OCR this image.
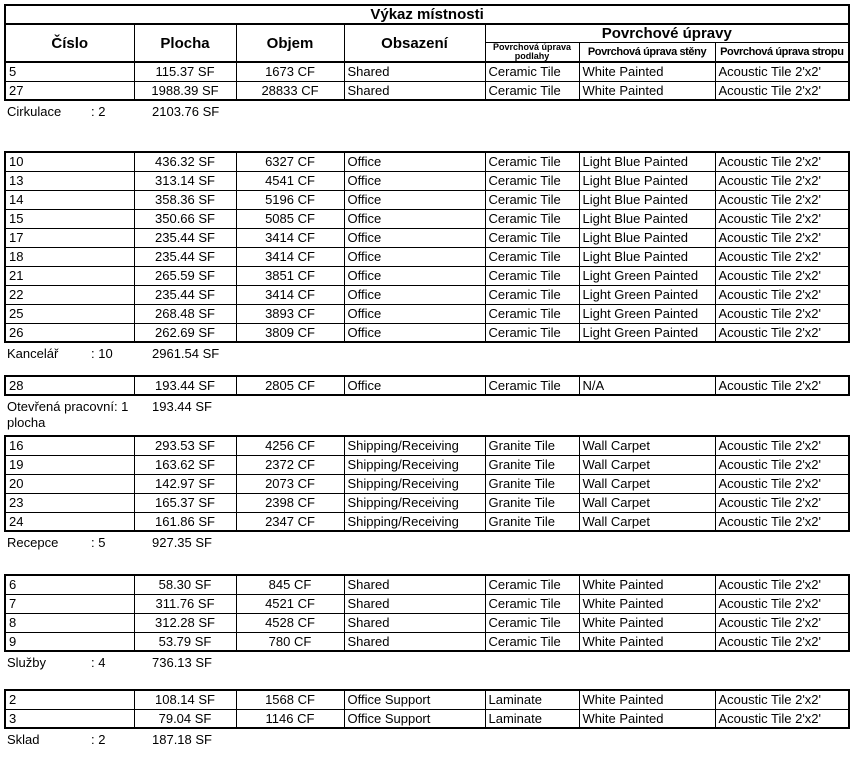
Výkaz místnosti						
Číslo	Plocha	Objem	Obsazení	Povrchové úpravy		
				Povrchová úprava podlahy	Povrchová úprava stěny	Povrchová úprava stropu
5	115.37 SF	1673 CF	Shared	Ceramic Tile	White Painted	Acoustic Tile 2'x2'
27	1988.39 SF	28833 CF	Shared	Ceramic Tile	White Painted	Acoustic Tile 2'x2'
Cirkulace : 2	2103.76 SF
10	436.32 SF	6327 CF	Office	Ceramic Tile	Light Blue Painted	Acoustic Tile 2'x2'
13	313.14 SF	4541 CF	Office	Ceramic Tile	Light Blue Painted	Acoustic Tile 2'x2'
14	358.36 SF	5196 CF	Office	Ceramic Tile	Light Blue Painted	Acoustic Tile 2'x2'
15	350.66 SF	5085 CF	Office	Ceramic Tile	Light Blue Painted	Acoustic Tile 2'x2'
17	235.44 SF	3414 CF	Office	Ceramic Tile	Light Blue Painted	Acoustic Tile 2'x2'
18	235.44 SF	3414 CF	Office	Ceramic Tile	Light Blue Painted	Acoustic Tile 2'x2'
21	265.59 SF	3851 CF	Office	Ceramic Tile	Light Green Painted	Acoustic Tile 2'x2'
22	235.44 SF	3414 CF	Office	Ceramic Tile	Light Green Painted	Acoustic Tile 2'x2'
25	268.48 SF	3893 CF	Office	Ceramic Tile	Light Green Painted	Acoustic Tile 2'x2'
26	262.69 SF	3809 CF	Office	Ceramic Tile	Light Green Painted	Acoustic Tile 2'x2'
Kancelář	: 10	2961.54 SF
28	193.44 SF	2805 CF	Office	Ceramic Tile	N/A	Acoustic Tile 2'x2'
Otevřená pracovní: 1 193.44 SF
plocha
16	293.53 SF	4256 CF	Shipping/Receiving	Granite Tile	Wall Carpet	Acoustic Tile 2'x2'
19	163.62 SF	2372 CF	Shipping/Receiving	Granite Tile	Wall Carpet	Acoustic Tile 2'x2'
20	142.97 SF	2073 CF	Shipping/Receiving	Granite Tile	Wall Carpet	Acoustic Tile 2'x2'
23	165.37 SF	2398 CF	Shipping/Receiving	Granite Tile	Wall Carpet	Acoustic Tile 2'x2'
24	161.86 SF	2347 CF	Shipping/Receiving	Granite Tile	Wall Carpet	Acoustic Tile 2'x2'
Recepce	: 5	927.35 SF
6	58.30 SF	845 CF	Shared	Ceramic Tile	White Painted	Acoustic Tile 2'x2'
7	311.76 SF	4521 CF	Shared	Ceramic Tile	White Painted	Acoustic Tile 2'x2'
8	312.28 SF	4528 CF	Shared	Ceramic Tile	White Painted	Acoustic Tile 2'x2'
9	53.79 SF	780 CF	Shared	Ceramic Tile	White Painted	Acoustic Tile 2'x2'
Služby	: 4	736.13 SF
2	108.14 SF	1568 CF	Office Support	Laminate	White Painted	Acoustic Tile 2'x2'
3	79.04 SF	1146 CF	Office Support	Laminate	White Painted	Acoustic Tile 2'x2'
Sklad	: 2	187.18 SF
